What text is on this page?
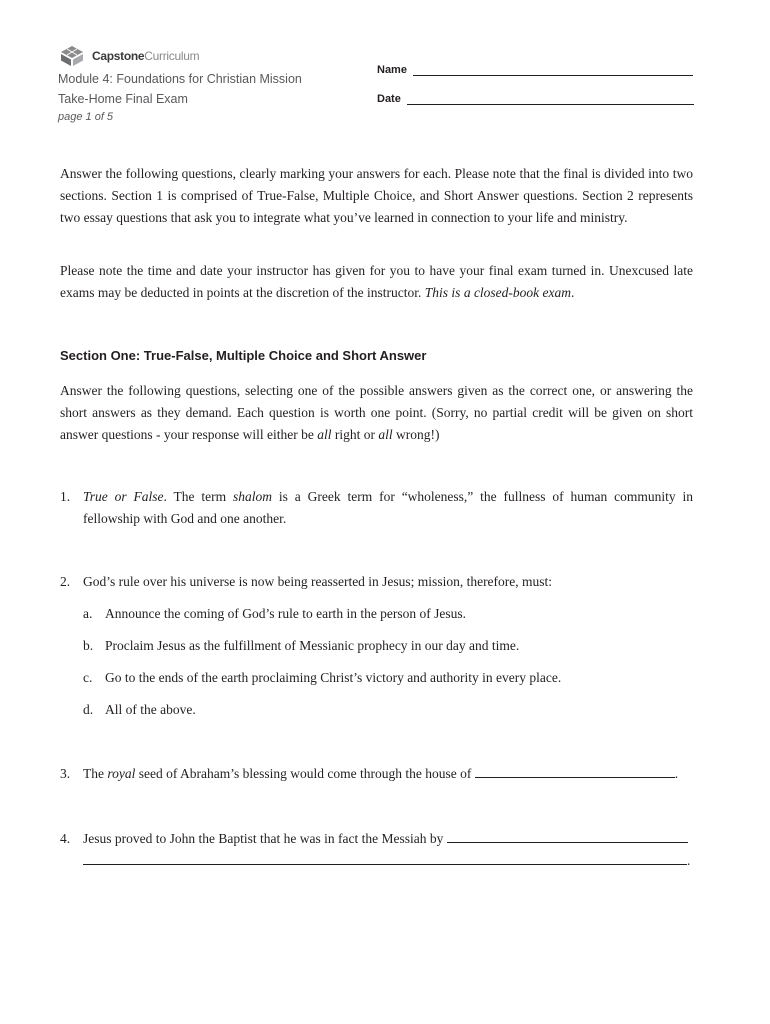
CapstoneCurriculum
Module 4: Foundations for Christian Mission
Take-Home Final Exam
page 1 of 5
Name
Date
Answer the following questions, clearly marking your answers for each. Please note that the final is divided into two sections. Section 1 is comprised of True-False, Multiple Choice, and Short Answer questions. Section 2 represents two essay questions that ask you to integrate what you’ve learned in connection to your life and ministry.
Please note the time and date your instructor has given for you to have your final exam turned in. Unexcused late exams may be deducted in points at the discretion of the instructor. This is a closed-book exam.
Section One: True-False, Multiple Choice and Short Answer
Answer the following questions, selecting one of the possible answers given as the correct one, or answering the short answers as they demand. Each question is worth one point. (Sorry, no partial credit will be given on short answer questions - your response will either be all right or all wrong!)
1. True or False. The term shalom is a Greek term for “wholeness,” the fullness of human community in fellowship with God and one another.
2. God’s rule over his universe is now being reasserted in Jesus; mission, therefore, must:
a. Announce the coming of God’s rule to earth in the person of Jesus.
b. Proclaim Jesus as the fulfillment of Messianic prophecy in our day and time.
c. Go to the ends of the earth proclaiming Christ’s victory and authority in every place.
d. All of the above.
3. The royal seed of Abraham’s blessing would come through the house of	.
4. Jesus proved to John the Baptist that he was in fact the Messiah by
.
